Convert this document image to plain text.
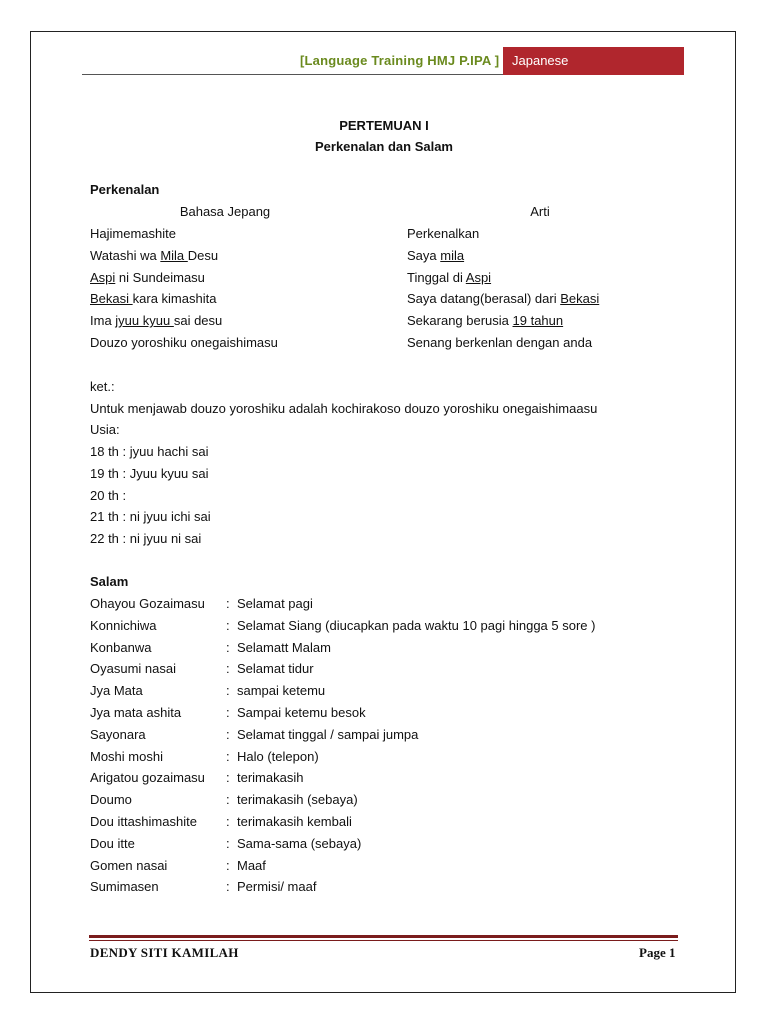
[Language Training HMJ P.IPA ] Japanese
PERTEMUAN I
Perkenalan dan Salam
Perkenalan
Bahasa Jepang	Arti
Hajimemashite	Perkenalkan
Watashi wa Mila Desu	Saya mila
Aspi ni Sundeimasu	Tinggal di Aspi
Bekasi kara kimashita	Saya datang(berasal) dari Bekasi
Ima jyuu kyuu sai desu	Sekarang berusia 19 tahun
Douzo yoroshiku onegaishimasu	Senang berkenlan dengan anda
ket.:
Untuk menjawab douzo yoroshiku adalah kochirakoso douzo yoroshiku onegaishimaasu
Usia:
18 th : jyuu hachi sai
19 th : Jyuu kyuu sai
20 th :
21 th : ni jyuu ichi sai
22 th : ni jyuu ni sai
Salam
Ohayou Gozaimasu : Selamat pagi
Konnichiwa	: Selamat Siang (diucapkan pada waktu 10 pagi hingga 5 sore )
Konbanwa	: Selamatt Malam
Oyasumi nasai	: Selamat tidur
Jya Mata	: sampai ketemu
Jya mata ashita	: Sampai ketemu besok
Sayonara	: Selamat tinggal / sampai jumpa
Moshi moshi	: Halo (telepon)
Arigatou gozaimasu : terimakasih
Doumo	: terimakasih (sebaya)
Dou ittashimashite : terimakasih kembali
Dou itte	: Sama-sama (sebaya)
Gomen nasai	: Maaf
Sumimasen	: Permisi/ maaf
DENDY SITI KAMILAH	Page 1
